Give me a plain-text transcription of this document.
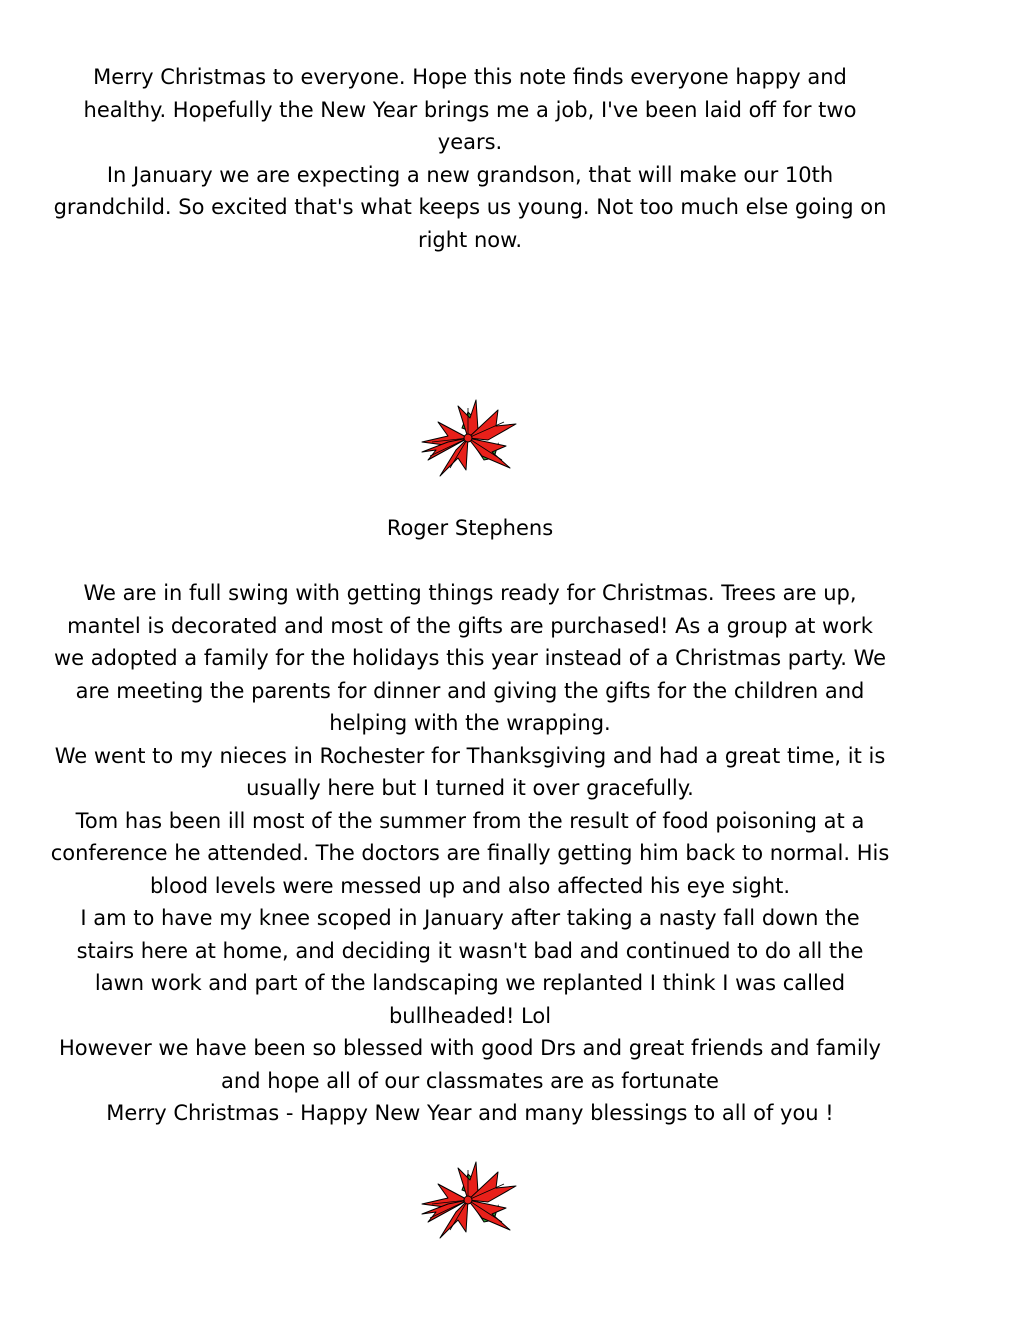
Merry Christmas to everyone. Hope this note finds everyone happy and healthy. Hopefully the New Year brings me a job, I've been laid off for two years.

In January we are expecting a new grandson, that will make our 10th grandchild. So excited that's what keeps us young. Not too much else going on right now.

Roger Stephens

We are in full swing with getting things ready for Christmas. Trees are up, mantel is decorated and most of the gifts are purchased! As a group at work we adopted a family for the holidays this year instead of a Christmas party. We are meeting the parents for dinner and giving the gifts for the children and helping with the wrapping.

We went to my nieces in Rochester for Thanksgiving and had a great time, it is usually here but I turned it over gracefully.

Tom has been ill most of the summer from the result of food poisoning at a conference he attended. The doctors are finally getting him back to normal. His blood levels were messed up and also affected his eye sight.

I am to have my knee scoped in January after taking a nasty fall down the stairs here at home, and deciding it wasn't bad and continued to do all the lawn work and part of the landscaping we replanted I think I was called bullheaded! Lol

However we have been so blessed with good Drs and great friends and family and hope all of our classmates are as fortunate

Merry Christmas - Happy New Year and many blessings to all of you !
